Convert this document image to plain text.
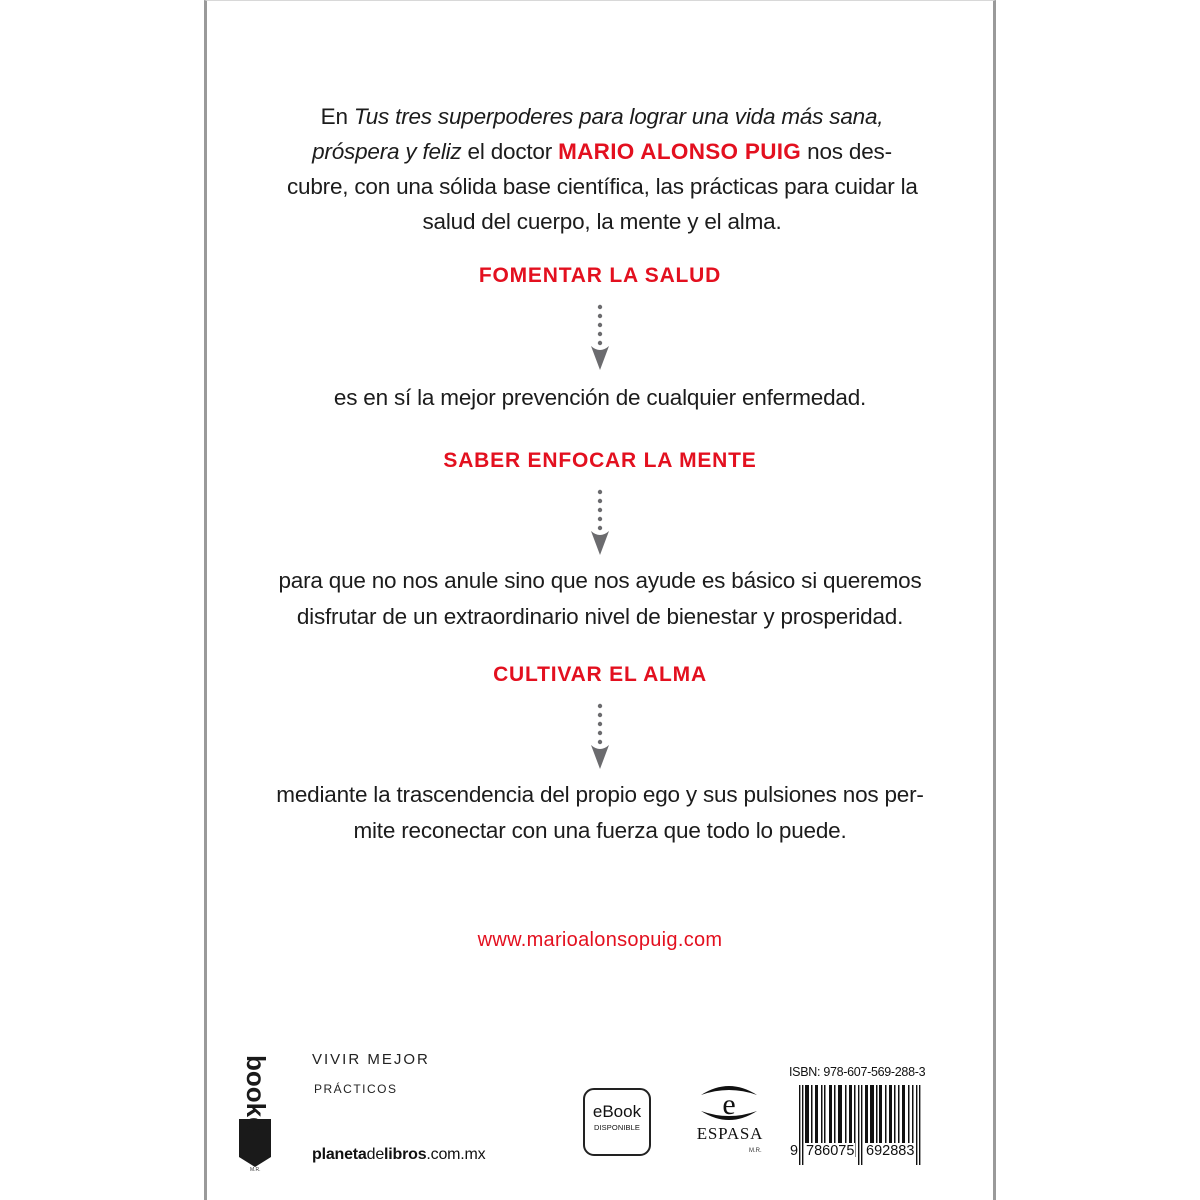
En Tus tres superpoderes para lograr una vida más sana,
próspera y feliz el doctor MARIO ALONSO PUIG nos des-
cubre, con una sólida base científica, las prácticas para cuidar la
salud del cuerpo, la mente y el alma.
FOMENTAR LA SALUD
es en sí la mejor prevención de cualquier enfermedad.
SABER ENFOCAR LA MENTE
para que no nos anule sino que nos ayude es básico si queremos
disfrutar de un extraordinario nivel de bienestar y prosperidad.
CULTIVAR EL ALMA
mediante la trascendencia del propio ego y sus pulsiones nos per-
mite reconectar con una fuerza que todo lo puede.
www.marioalonsopuig.com
booket
M.R.
VIVIR MEJOR
PRÁCTICOS
planetadelibros.com.mx
eBook
DISPONIBLE
e
ESPASA
M.R.
ISBN: 978-607-569-288-3
9 786075 692883
